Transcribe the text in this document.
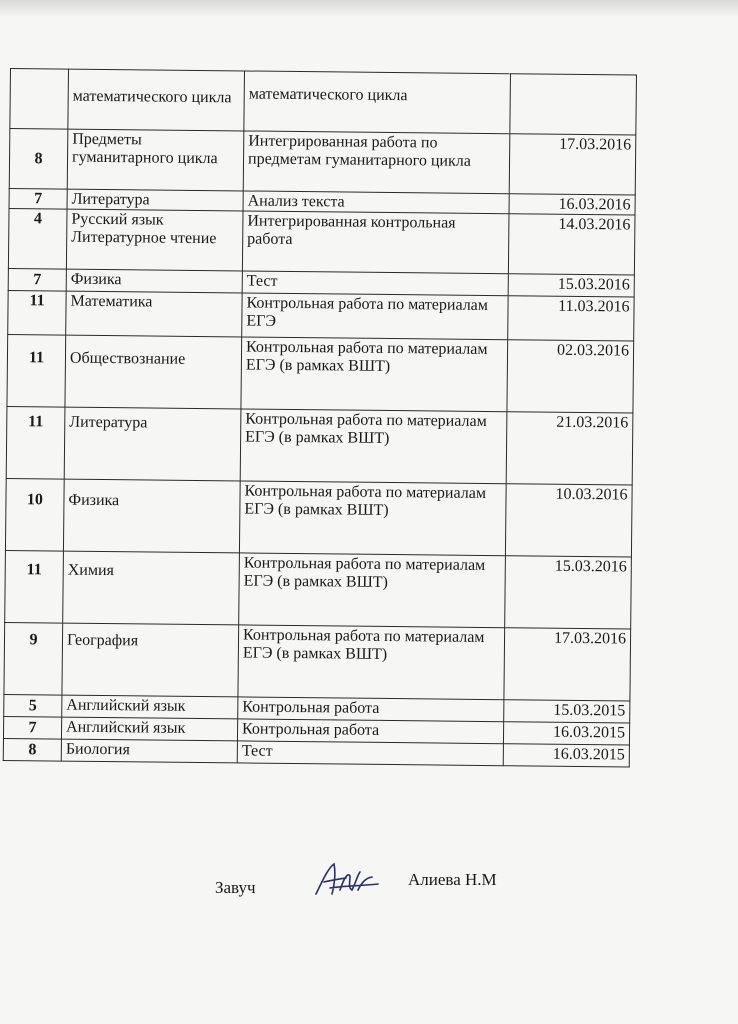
	математического цикла	математического цикла	
8	Предметы гуманитарного цикла	Интегрированная работа по предметам гуманитарного цикла	17.03.2016
7	Литература	Анализ текста	16.03.2016
4	Русский язык Литературное чтение	Интегрированная контрольная работа	14.03.2016
7	Физика	Тест	15.03.2016
11	Математика	Контрольная работа по материалам ЕГЭ	11.03.2016
11	Обществознание	Контрольная работа по материалам ЕГЭ (в рамках ВШТ)	02.03.2016
11	Литература	Контрольная работа по материалам ЕГЭ (в рамках ВШТ)	21.03.2016
10	Физика	Контрольная работа по материалам ЕГЭ (в рамках ВШТ)	10.03.2016
11	Химия	Контрольная работа по материалам ЕГЭ (в рамках ВШТ)	15.03.2016
9	География	Контрольная работа по материалам ЕГЭ (в рамках ВШТ)	17.03.2016
5	Английский язык	Контрольная работа	15.03.2015
7	Английский язык	Контрольная работа	16.03.2015
8	Биология	Тест	16.03.2015
Завуч	Алиева Н.М
